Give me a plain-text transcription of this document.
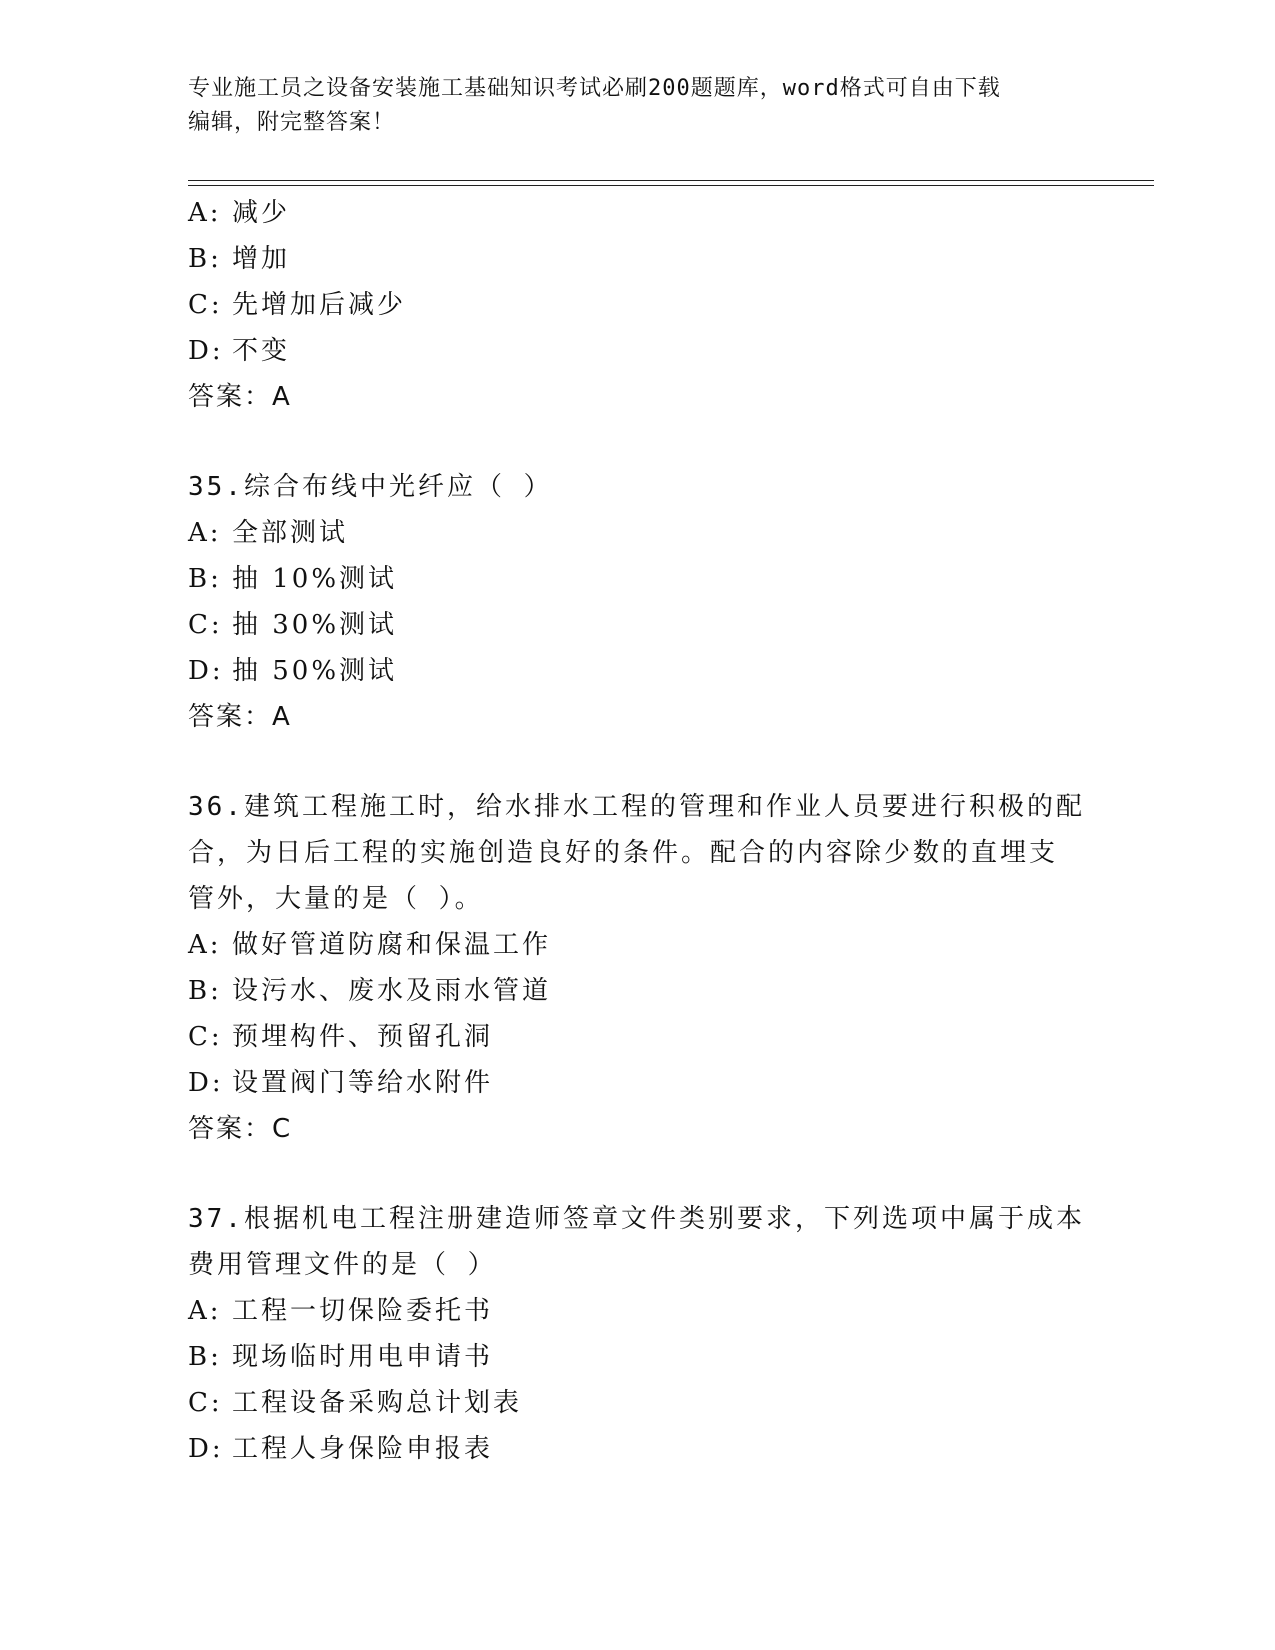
专业施工员之设备安装施工基础知识考试必刷200题题库，word格式可自由下载
编辑，附完整答案！
A: 减少
B: 增加
C: 先增加后减少
D: 不变
答案：A
35.综合布线中光纤应（ ）
A: 全部测试
B: 抽 10%测试
C: 抽 30%测试
D: 抽 50%测试
答案：A
36.建筑工程施工时，给水排水工程的管理和作业人员要进行积极的配
合，为日后工程的实施创造良好的条件。配合的内容除少数的直埋支
管外，大量的是（ ）。
A: 做好管道防腐和保温工作
B: 设污水、废水及雨水管道
C: 预埋构件、预留孔洞
D: 设置阀门等给水附件
答案：C
37.根据机电工程注册建造师签章文件类别要求，下列选项中属于成本
费用管理文件的是（ ）
A: 工程一切保险委托书
B: 现场临时用电申请书
C: 工程设备采购总计划表
D: 工程人身保险申报表
